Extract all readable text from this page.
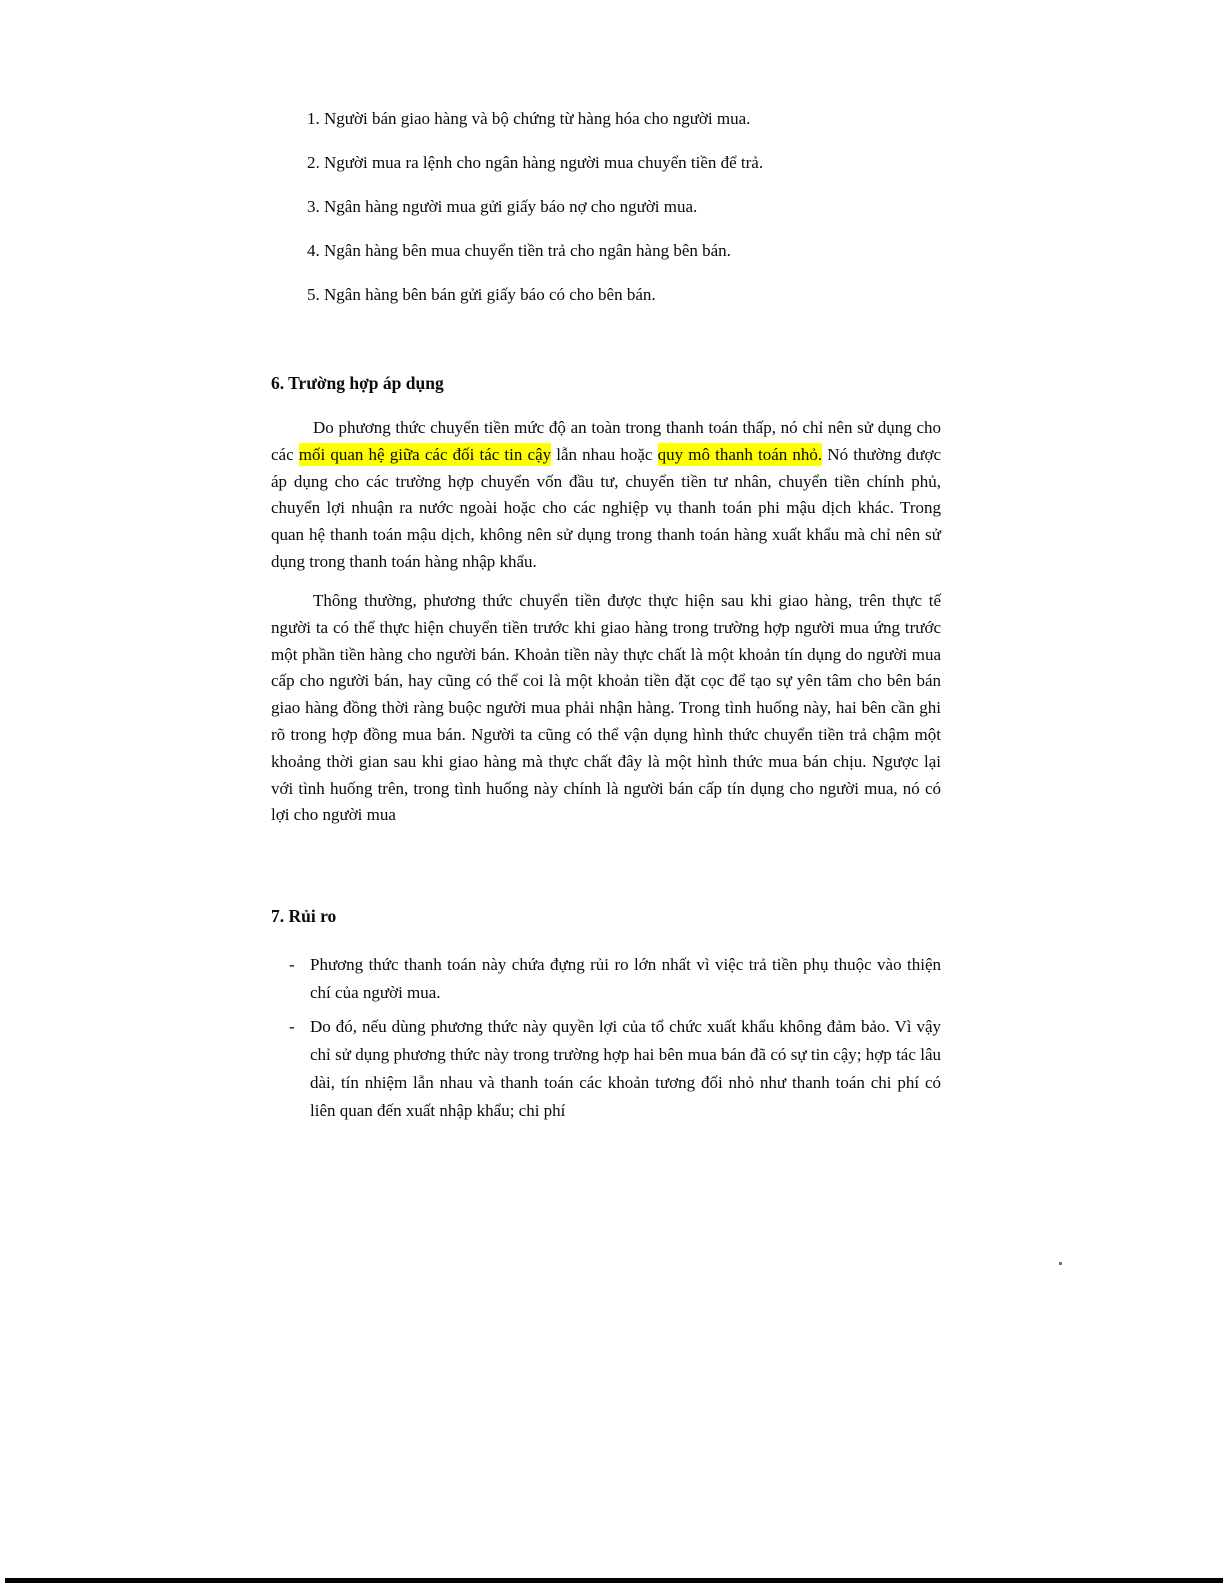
1. Người bán giao hàng và bộ chứng từ hàng hóa cho người mua.
2. Người mua ra lệnh cho ngân hàng người mua chuyển tiền để trả.
3. Ngân hàng người mua gửi giấy báo nợ cho người mua.
4. Ngân hàng bên mua chuyển tiền trả cho ngân hàng bên bán.
5. Ngân hàng bên bán gửi giấy báo có cho bên bán.
6. Trường hợp áp dụng

Do phương thức chuyển tiền mức độ an toàn trong thanh toán thấp, nó chỉ nên sử dụng cho các mối quan hệ giữa các đối tác tin cậy lẫn nhau hoặc quy mô thanh toán nhỏ. Nó thường được áp dụng cho các trường hợp chuyển vốn đầu tư, chuyển tiền tư nhân, chuyển tiền chính phủ, chuyển lợi nhuận ra nước ngoài hoặc cho các nghiệp vụ thanh toán phi mậu dịch khác. Trong quan hệ thanh toán mậu dịch, không nên sử dụng trong thanh toán hàng xuất khẩu mà chỉ nên sử dụng trong thanh toán hàng nhập khẩu.

Thông thường, phương thức chuyển tiền được thực hiện sau khi giao hàng, trên thực tế người ta có thể thực hiện chuyển tiền trước khi giao hàng trong trường hợp người mua ứng trước một phần tiền hàng cho người bán. Khoản tiền này thực chất là một khoản tín dụng do người mua cấp cho người bán, hay cũng có thể coi là một khoản tiền đặt cọc để tạo sự yên tâm cho bên bán giao hàng đồng thời ràng buộc người mua phải nhận hàng. Trong tình huống này, hai bên cần ghi rõ trong hợp đồng mua bán. Người ta cũng có thể vận dụng hình thức chuyển tiền trả chậm một khoảng thời gian sau khi giao hàng mà thực chất đây là một hình thức mua bán chịu. Ngược lại với tình huống trên, trong tình huống này chính là người bán cấp tín dụng cho người mua, nó có lợi cho người mua

7. Rủi ro
- Phương thức thanh toán này chứa đựng rủi ro lớn nhất vì việc trả tiền phụ thuộc vào thiện chí của người mua.
- Do đó, nếu dùng phương thức này quyền lợi của tổ chức xuất khẩu không đảm bảo. Vì vậy chỉ sử dụng phương thức này trong trường hợp hai bên mua bán đã có sự tin cậy; hợp tác lâu dài, tín nhiệm lẫn nhau và thanh toán các khoản tương đối nhỏ như thanh toán chi phí có liên quan đến xuất nhập khẩu; chi phí
